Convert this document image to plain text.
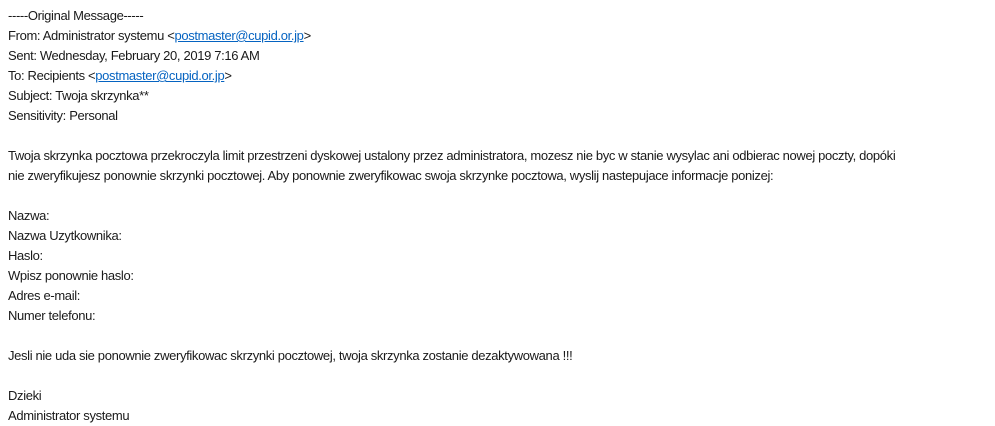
-----Original Message-----
From: Administrator systemu <postmaster@cupid.or.jp>
Sent: Wednesday, February 20, 2019 7:16 AM
To: Recipients <postmaster@cupid.or.jp>
Subject: Twoja skrzynka**
Sensitivity: Personal
Twoja skrzynka pocztowa przekroczyla limit przestrzeni dyskowej ustalony przez administratora, mozesz nie byc w stanie wysylac ani odbierac nowej poczty, dopóki
nie zweryfikujesz ponownie skrzynki pocztowej. Aby ponownie zweryfikowac swoja skrzynke pocztowa, wyslij nastepujace informacje ponizej:
Nazwa:
Nazwa Uzytkownika:
Haslo:
Wpisz ponownie haslo:
Adres e-mail:
Numer telefonu:
Jesli nie uda sie ponownie zweryfikowac skrzynki pocztowej, twoja skrzynka zostanie dezaktywowana !!!
Dzieki
Administrator systemu
